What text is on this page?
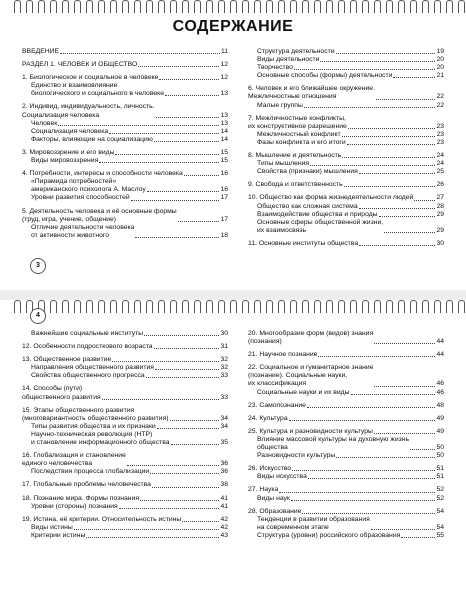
СОДЕРЖАНИЕ
ВВЕДЕНИЕ	11
РАЗДЕЛ 1. ЧЕЛОВЕК И ОБЩЕСТВО	12
1. Биологическое и социальное в человеке	12
Единство и взаимовлияние
биологического и социального в человеке	13
2. Индивид, индивидуальность, личность.
Социализация человека	13
Человек	13
Социализация человека	14
Факторы, влияющие на социализацию	14
3. Мировоззрение и его виды	15
Виды мировоззрения	15
4. Потребности, интересы и способности человека	16
«Пирамида потребностей»
американского психолога А. Маслоу	16
Уровни развития способностей	17
5. Деятельность человека и её основные формы
(труд, игра, учение, общение)	17
Отличие деятельности человека
от активности животного	18
Структура деятельности	19
Виды деятельности	20
Творчество	20
Основные способы (формы) деятельности	21
6. Человек и его ближайшее окружение.
Межличностные отношения	22
Малые группы	22
7. Межличностные конфликты,
их конструктивное разрешение	23
Межличностный конфликт	23
Фазы конфликта и его итоги	23
8. Мышление и деятельность	24
Типы мышления	24
Свойства (признаки) мышления	25
9. Свобода и ответственность	26
10. Общество как форма жизнедеятельности людей	27
Общество как сложная система	28
Взаимодействие общества и природы	29
Основные сферы общественной жизни,
их взаимосвязь	29
11. Основные институты общества	30
3
4
Важнейшие социальные институты	30
12. Особенности подросткового возраста	31
13. Общественное развитие	32
Направления общественного развития	32
Свойства общественного прогресса	33
14. Способы (пути)
общественного развития	33
15. Этапы общественного развития
(многовариантность общественного развития)	34
Типы развития общества и их признаки	34
Научно-техническая революция (НТР)
и становление информационного общества	35
16. Глобализация и становление
единого человечества	36
Последствия процесса глобализации	36
17. Глобальные проблемы человечества	38
18. Познание мира. Формы познания	41
Уровни (стороны) познания	41
19. Истина, её критерии. Относительность истины	42
Виды истины	42
Критерии истины	43
20. Многообразие форм (видов) знания
(познания)	44
21. Научное познание	44
22. Социальное и гуманитарное знание
(познание). Социальные науки,
их классификация	46
Социальные науки и их виды	46
23. Самопознание	48
24. Культура	49
25. Культура и разновидности культуры	49
Влияние массовой культуры на духовную жизнь
общества	50
Разновидности культуры	50
26. Искусство	51
Виды искусства	51
27. Наука	52
Виды наук	52
28. Образование	54
Тенденции в развитии образования
на современном этапе	54
Структура (уровни) российского образования	55
